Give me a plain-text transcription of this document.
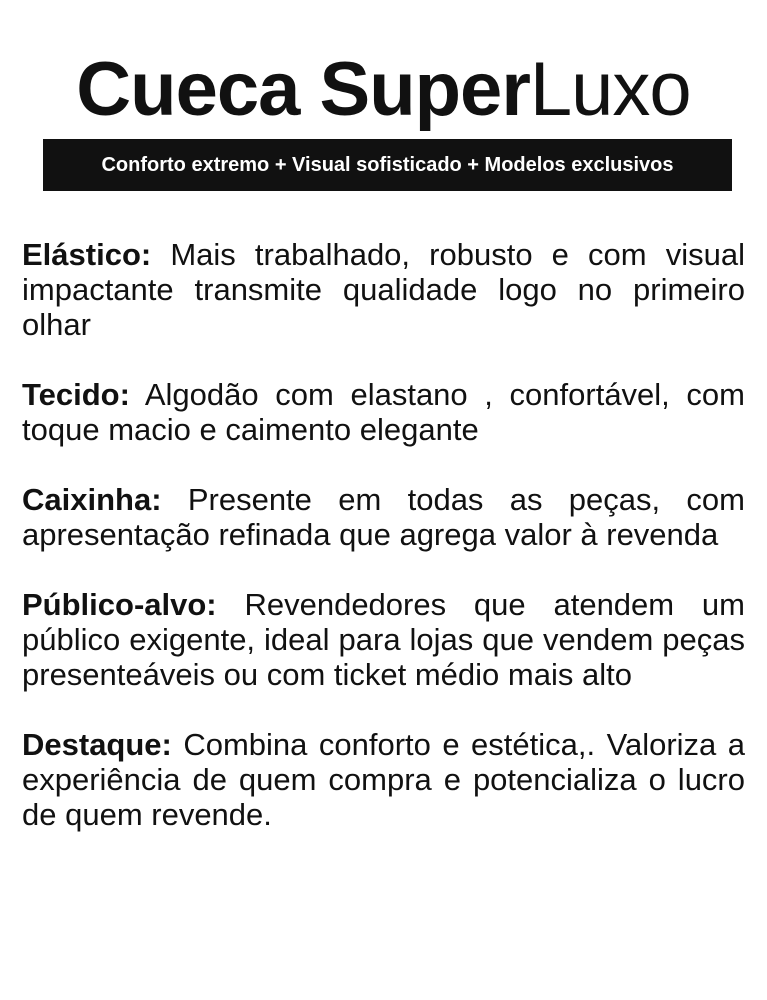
Cueca SuperLuxo
Conforto extremo + Visual sofisticado + Modelos exclusivos

Elástico: Mais trabalhado, robusto e com visual impactante transmite qualidade logo no primeiro olhar

Tecido: Algodão com elastano , confortável, com toque macio e caimento elegante

Caixinha: Presente em todas as peças, com apresentação refinada que agrega valor à revenda

Público-alvo: Revendedores que atendem um público exigente, ideal para lojas que vendem peças presenteáveis ou com ticket médio mais alto

Destaque: Combina conforto e estética,. Valoriza a experiência de quem compra e potencializa o lucro de quem revende.
